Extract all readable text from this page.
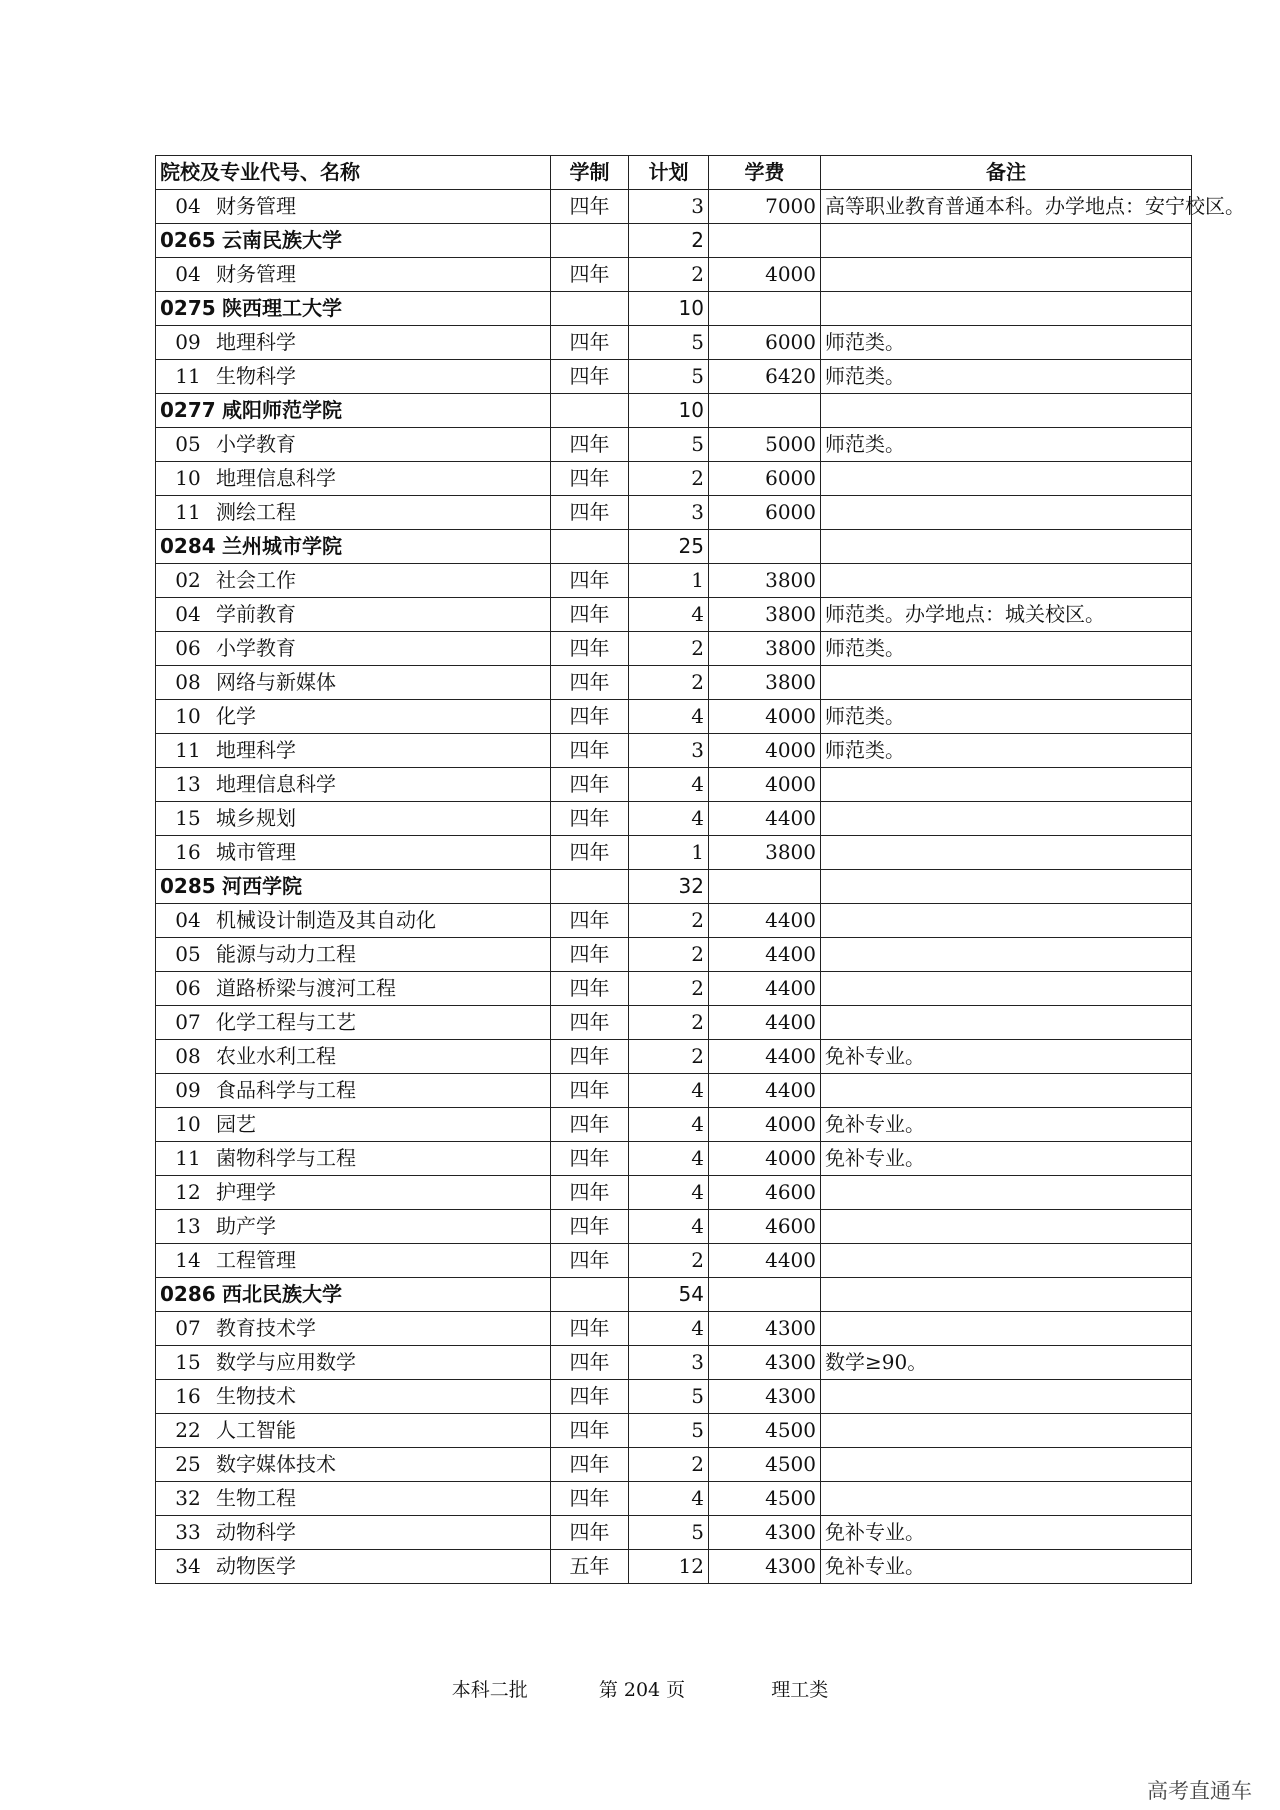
院校及专业代号、名称	学制	计划	学费	备注
04 财务管理	四年	3	7000	高等职业教育普通本科。办学地点：安宁校区。
0265 云南民族大学		2		
04 财务管理	四年	2	4000	
0275 陕西理工大学		10		
09 地理科学	四年	5	6000	师范类。
11 生物科学	四年	5	6420	师范类。
0277 咸阳师范学院		10		
05 小学教育	四年	5	5000	师范类。
10 地理信息科学	四年	2	6000	
11 测绘工程	四年	3	6000	
0284 兰州城市学院		25		
02 社会工作	四年	1	3800	
04 学前教育	四年	4	3800	师范类。办学地点：城关校区。
06 小学教育	四年	2	3800	师范类。
08 网络与新媒体	四年	2	3800	
10 化学	四年	4	4000	师范类。
11 地理科学	四年	3	4000	师范类。
13 地理信息科学	四年	4	4000	
15 城乡规划	四年	4	4400	
16 城市管理	四年	1	3800	
0285 河西学院		32		
04 机械设计制造及其自动化	四年	2	4400	
05 能源与动力工程	四年	2	4400	
06 道路桥梁与渡河工程	四年	2	4400	
07 化学工程与工艺	四年	2	4400	
08 农业水利工程	四年	2	4400	免补专业。
09 食品科学与工程	四年	4	4400	
10 园艺	四年	4	4000	免补专业。
11 菌物科学与工程	四年	4	4000	免补专业。
12 护理学	四年	4	4600	
13 助产学	四年	4	4600	
14 工程管理	四年	2	4400	
0286 西北民族大学		54		
07 教育技术学	四年	4	4300	
15 数学与应用数学	四年	3	4300	数学≥90。
16 生物技术	四年	5	4300	
22 人工智能	四年	5	4500	
25 数字媒体技术	四年	2	4500	
32 生物工程	四年	4	4500	
33 动物科学	四年	5	4300	免补专业。
34 动物医学	五年	12	4300	免补专业。
本科二批	第 204 页	理工类
高考直通车
